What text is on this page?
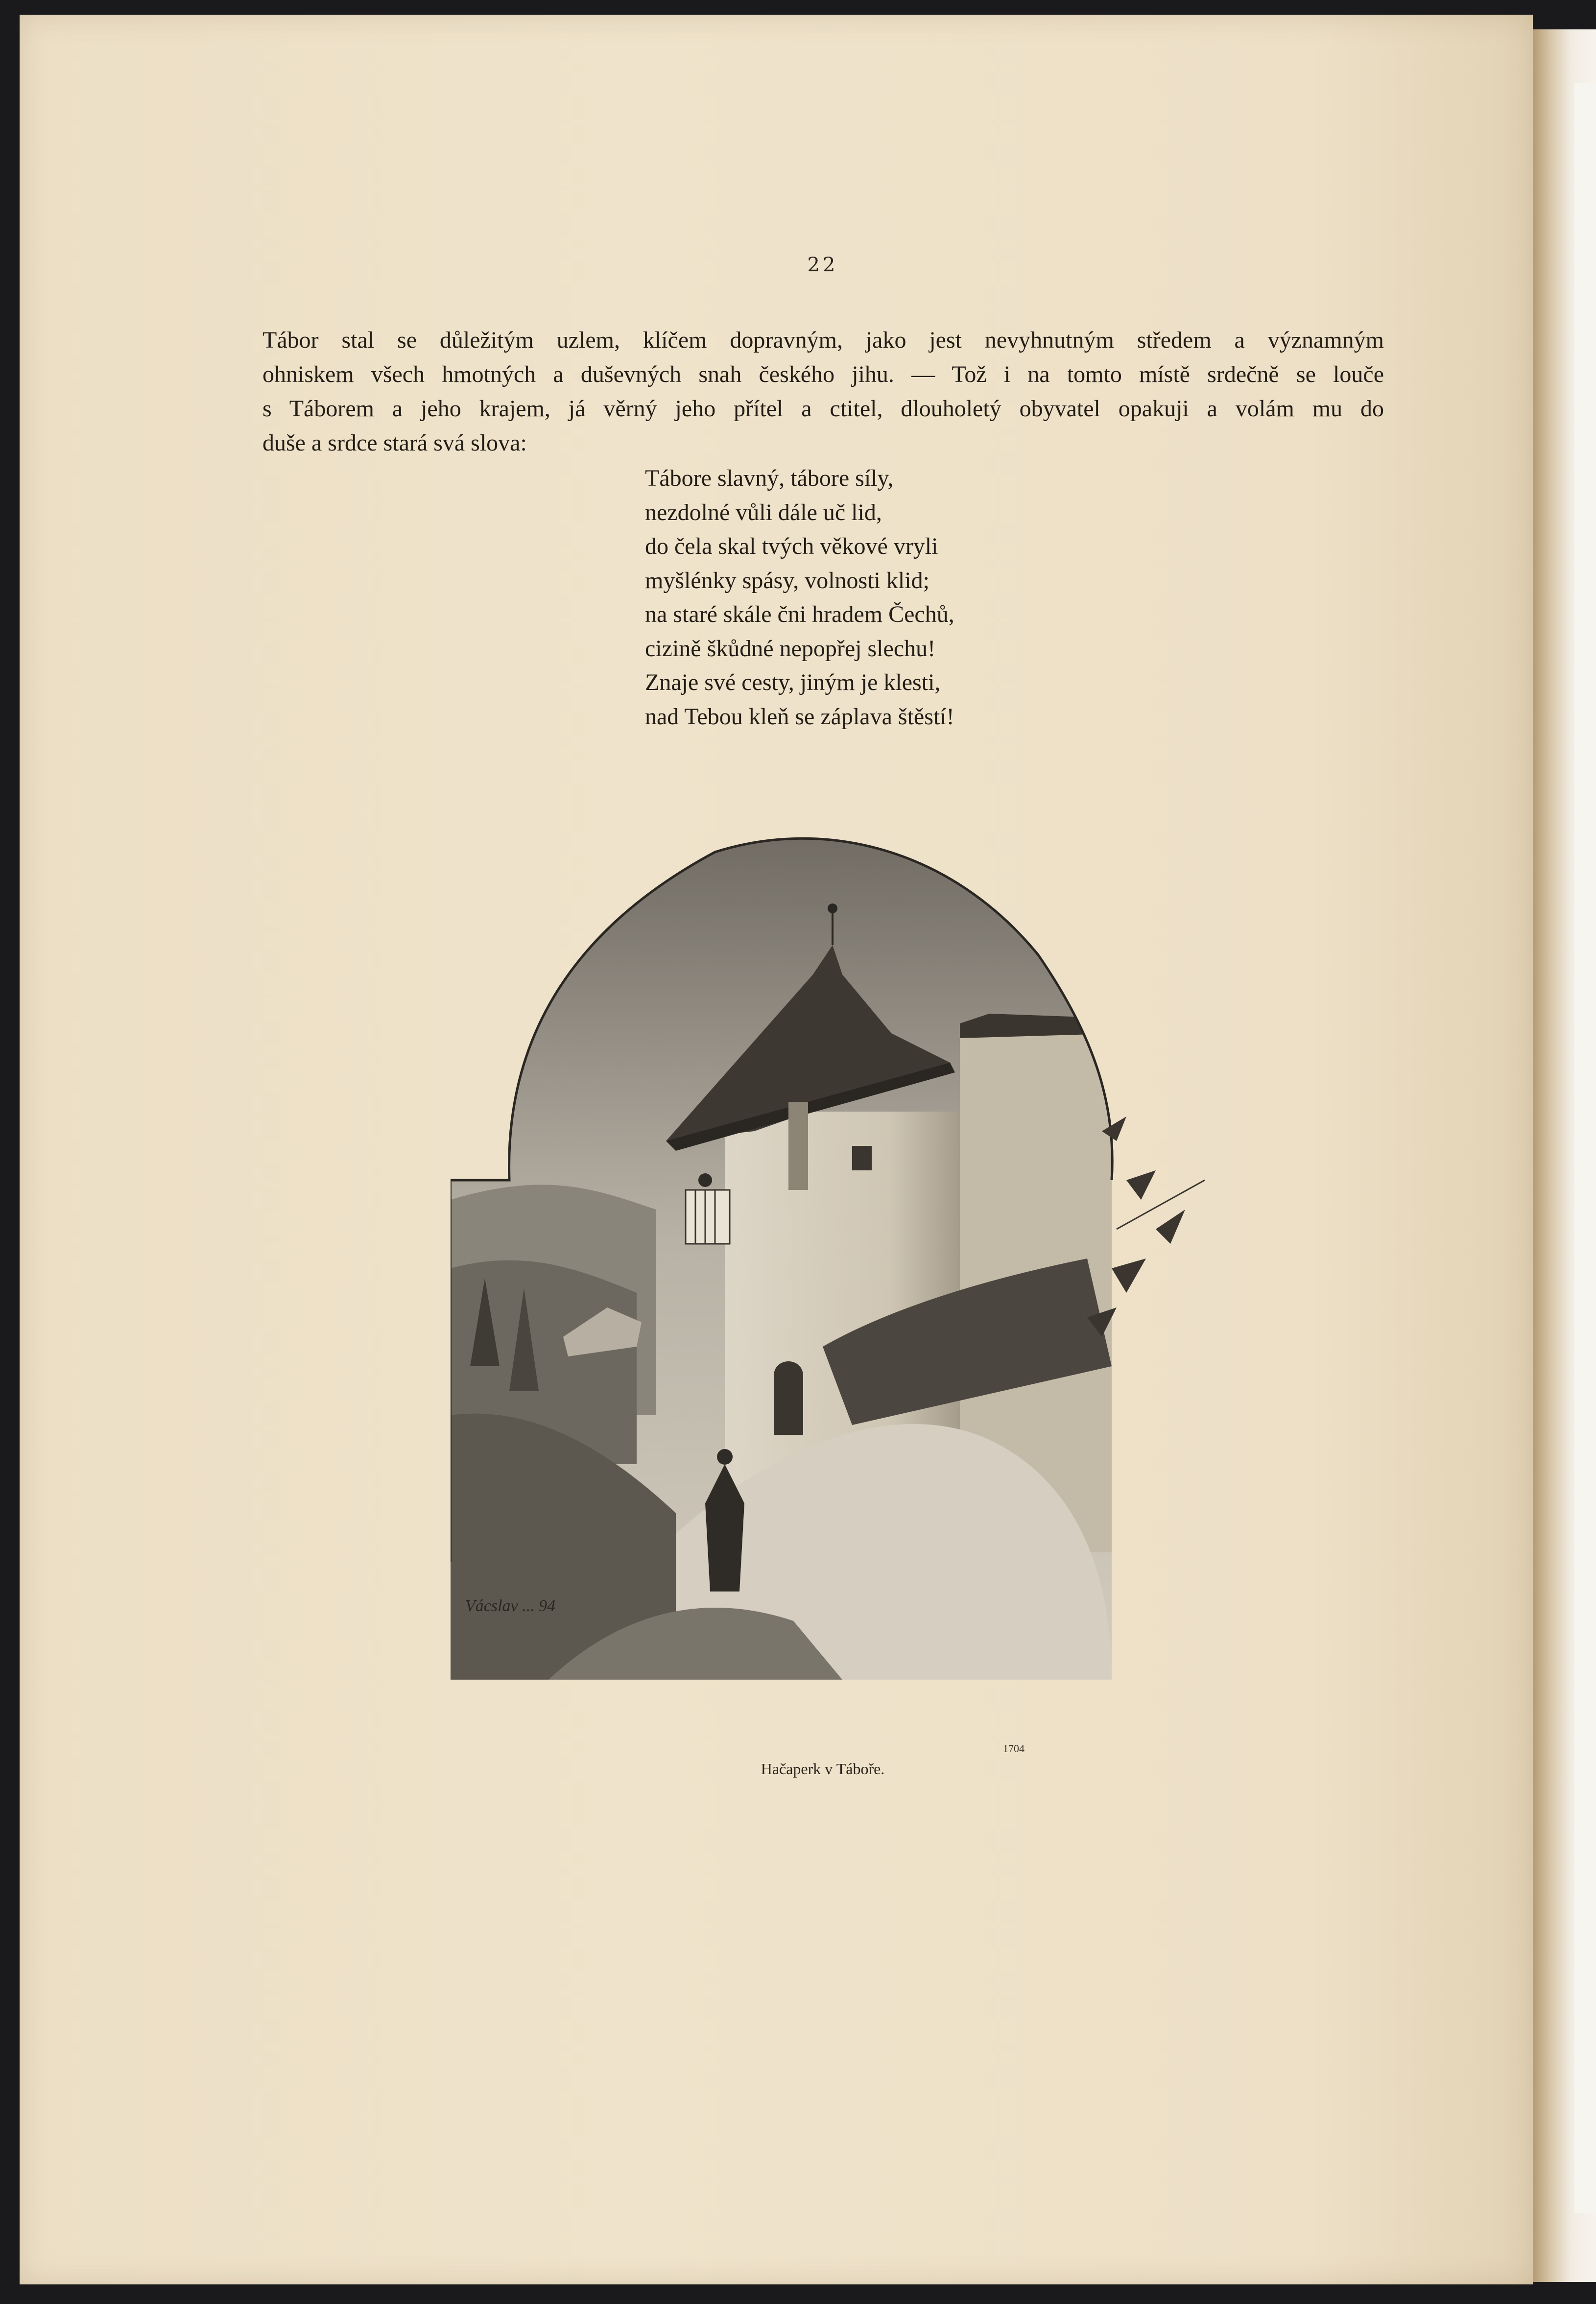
22
Tábor stal se důležitým uzlem, klíčem dopravným, jako jest nevyhnutným středem a významným
ohniskem všech hmotných a duševných snah českého jihu. — Tož i na tomto místě srdečně se louče
s Táborem a jeho krajem, já věrný jeho přítel a ctitel, dlouholetý obyvatel opakuji a volám mu do
duše a srdce stará svá slova:
Tábore slavný, tábore síly,
nezdolné vůli dále uč lid,
do čela skal tvých věkové vryli
myšlénky spásy, volnosti klid;
na staré skále čni hradem Čechů,
cizině škůdné nepopřej slechu!
Znaje své cesty, jiným je klesti,
nad Tebou kleň se záplava štěstí!
Vácslav ... 94
1704
Hačaperk v Táboře.
